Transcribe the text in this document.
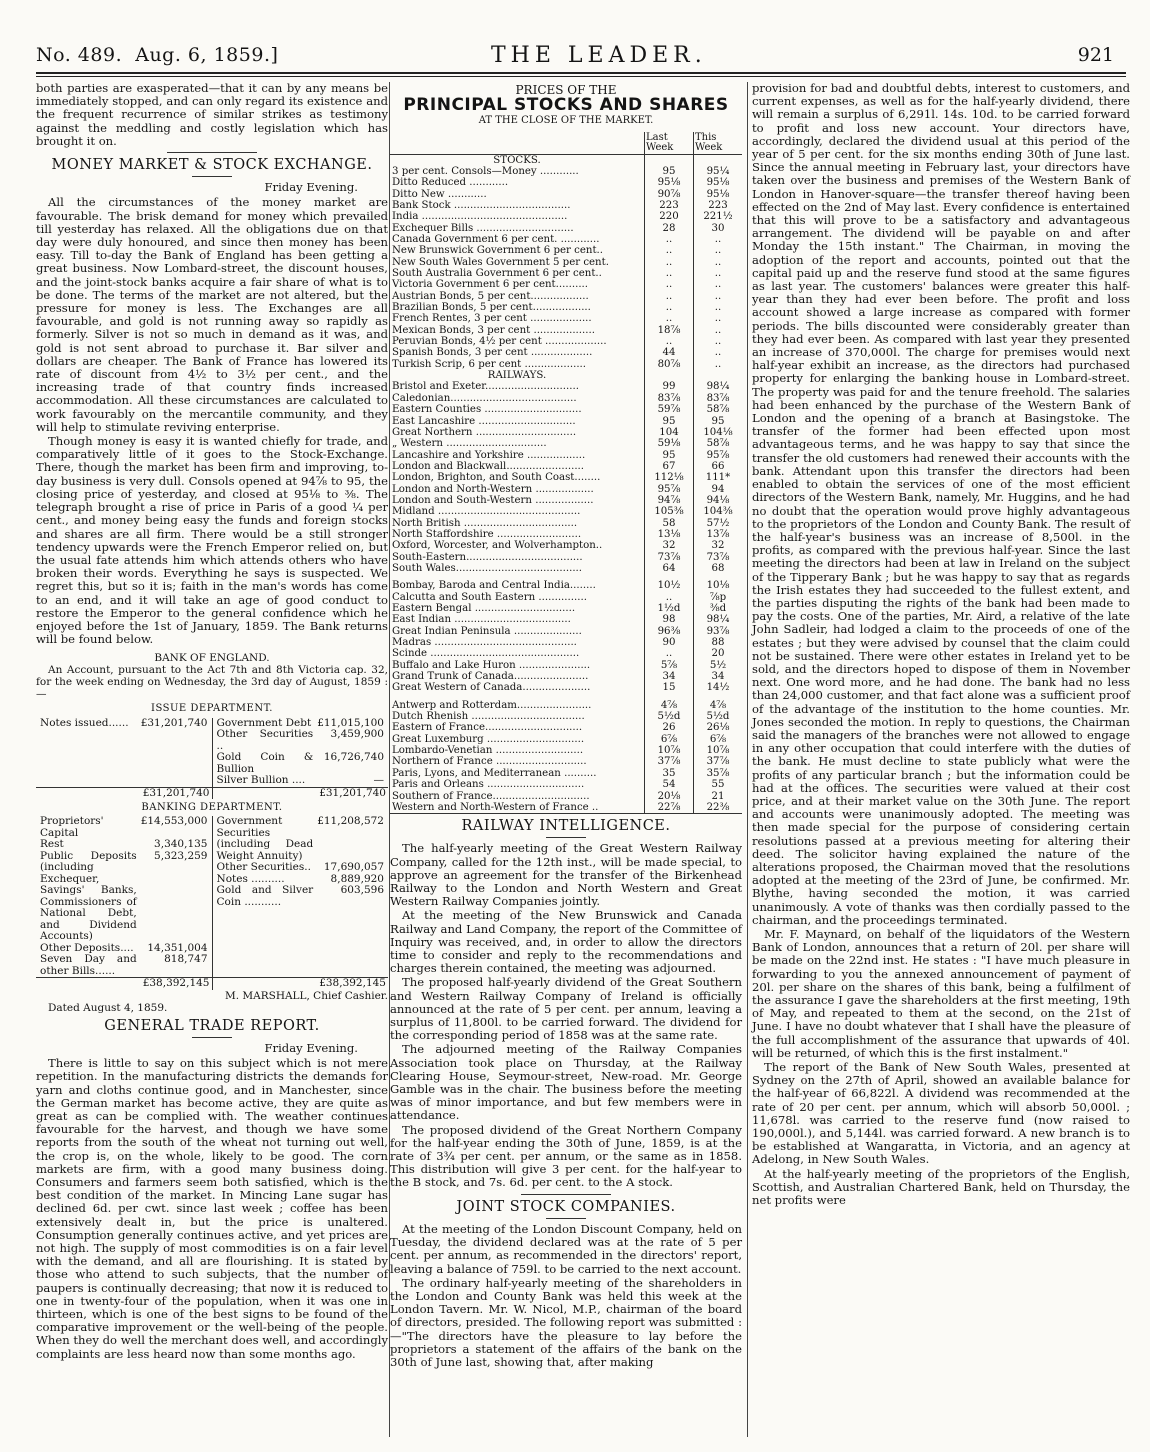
No. 489. Aug. 6, 1859.]	THE LEADER.	921

both parties are exasperated—that it can by any means be immediately stopped, and can only regard its existence and the frequent recurrence of similar strikes as testimony against the meddling and costly legislation which has brought it on.

MONEY MARKET & STOCK EXCHANGE.
Friday Evening.

All the circumstances of the money market are favourable. The brisk demand for money which prevailed till yesterday has relaxed. All the obligations due on that day were duly honoured, and since then money has been easy. Till to-day the Bank of England has been getting a great business. Now Lombard-street, the discount houses, and the joint-stock banks acquire a fair share of what is to be done. The terms of the market are not altered, but the pressure for money is less. The Exchanges are all favourable, and gold is not running away so rapidly as formerly. Silver is not so much in demand as it was, and gold is not sent abroad to purchase it. Bar silver and dollars are cheaper. The Bank of France has lowered its rate of discount from 4½ to 3½ per cent., and the increasing trade of that country finds increased accommodation. All these circumstances are calculated to work favourably on the mercantile community, and they will help to stimulate reviving enterprise.

Though money is easy it is wanted chiefly for trade, and comparatively little of it goes to the Stock-Exchange. There, though the market has been firm and improving, to-day business is very dull. Consols opened at 94⅞ to 95, the closing price of yesterday, and closed at 95⅛ to ⅜. The telegraph brought a rise of price in Paris of a good ¼ per cent., and money being easy the funds and foreign stocks and shares are all firm. There would be a still stronger tendency upwards were the French Emperor relied on, but the usual fate attends him which attends others who have broken their words. Everything he says is suspected. We regret this, but so it is; faith in the man's words has come to an end, and it will take an age of good conduct to restore the Emperor to the general confidence which he enjoyed before the 1st of January, 1859. The Bank returns will be found below.

BANK OF ENGLAND.

An Account, pursuant to the Act 7th and 8th Victoria cap. 32, for the week ending on Wednesday, the 3rd day of August, 1859 :—

ISSUE DEPARTMENT.
Notes issued......	£31,201,740
	Government Debt	£11,015,100
Other Securities ..	3,459,900
Gold Coin & Bullion	16,726,740
Silver Bullion ....	—

£31,201,740	£31,201,740
BANKING DEPARTMENT.
Proprietors' Capital	£14,553,000
Rest	3,340,135
Public Deposits (including Exchequer, Savings' Banks, Commissioners of National Debt, and Dividend Accounts)	5,323,259
Other Deposits....	14,351,004
Seven Day and other Bills......	818,747

Government Securities (including Dead Weight Annuity)	£11,208,572
Other Securities..	17,690,057
Notes ..........	8,889,920
Gold and Silver Coin ...........	603,596

£38,392,145	£38,392,145
M. MARSHALL, Chief Cashier.
Dated August 4, 1859.
GENERAL TRADE REPORT.
Friday Evening.

There is little to say on this subject which is not mere repetition. In the manufacturing districts the demands for yarn and cloths continue good, and in Manchester, since the German market has become active, they are quite as great as can be complied with. The weather continues favourable for the harvest, and though we have some reports from the south of the wheat not turning out well, the crop is, on the whole, likely to be good. The corn markets are firm, with a good many business doing. Consumers and farmers seem both satisfied, which is the best condition of the market. In Mincing Lane sugar has declined 6d. per cwt. since last week ; coffee has been extensively dealt in, but the price is unaltered. Consumption generally continues active, and yet prices are not high. The supply of most commodities is on a fair level with the demand, and all are flourishing. It is stated by those who attend to such subjects, that the number of paupers is continually decreasing; that now it is reduced to one in twenty-four of the population, when it was one in thirteen, which is one of the best signs to be found of the comparative improvement or the well-being of the people. When they do well the merchant does well, and accordingly complaints are less heard now than some months ago.

PRICES OF THE
PRINCIPAL STOCKS AND SHARES
AT THE CLOSE OF THE MARKET.
	Last Week	This Week
STOCKS.		
3 per cent. Consols—Money ............	95	95¼
Ditto Reduced ............	95⅛	95⅛
Ditto New ............	90⅞	95⅛
Bank Stock ....................................	223	223
India .............................................	220	221½
Exchequer Bills ..............................	28	30
Canada Government 6 per cent. ............	..	..
New Brunswick Government 6 per cent..	..	..
New South Wales Government 5 per cent.	..	..
South Australia Government 6 per cent..	..	..
Victoria Government 6 per cent..........	..	..
Austrian Bonds, 5 per cent..................	..	..
Brazilian Bonds, 5 per cent..................	..	..
French Rentes, 3 per cent ...................	..	..
Mexican Bonds, 3 per cent ...................	18⅞	..
Peruvian Bonds, 4½ per cent ...................	..	..
Spanish Bonds, 3 per cent ...................	44	..
Turkish Scrip, 6 per cent ...................	80⅞	..
RAILWAYS.		
Bristol and Exeter.............................	99	98¼
Caledonian.......................................	83⅞	83⅞
Eastern Counties ..............................	59⅞	58⅞
East Lancashire ..............................	95	95
Great Northern ...............................	104	104⅛
„ Western ...............................	59⅛	58⅞
Lancashire and Yorkshire ..................	95	95⅞
London and Blackwall........................	67	66
London, Brighton, and South Coast........	112⅛	111*
London and North-Western ..................	95⅞	94
London and South-Western ..................	94⅞	94⅛
Midland ............................................	105⅜	104⅜
North British ...................................	58	57½
North Staffordshire ..........................	13⅛	13⅞
Oxford, Worcester, and Wolverhampton..	32	32
South-Eastern....................................	73⅞	73⅞
South Wales.......................................	64	68

Bombay, Baroda and Central India........	10½	10⅛
Calcutta and South Eastern ...............	..	⅞p
Eastern Bengal ...............................	1½d	⅜d
East Indian ....................................	98	98¼
Great Indian Peninsula .....................	96⅜	93⅞
Madras ............................................	90	88
Scinde ..............................................	..	20
Buffalo and Lake Huron ......................	5⅞	5½
Grand Trunk of Canada.......................	34	34
Great Western of Canada.....................	15	14½

Antwerp and Rotterdam.......................	4⅞	4⅞
Dutch Rhenish ...................................	5½d	5½d
Eastern of France..............................	26	26⅛
Great Luxemburg ..............................	6⅞	6⅞
Lombardo-Venetian ...........................	10⅞	10⅞
Northern of France ............................	37⅞	37⅞
Paris, Lyons, and Mediterranean ..........	35	35⅞
Paris and Orleans ..............................	54	55
Southern of France..............................	20⅛	21
Western and North-Western of France ..	22⅞	22⅜
RAILWAY INTELLIGENCE.

The half-yearly meeting of the Great Western Railway Company, called for the 12th inst., will be made special, to approve an agreement for the transfer of the Birkenhead Railway to the London and North Western and Great Western Railway Companies jointly.

At the meeting of the New Brunswick and Canada Railway and Land Company, the report of the Committee of Inquiry was received, and, in order to allow the directors time to consider and reply to the recommendations and charges therein contained, the meeting was adjourned.

The proposed half-yearly dividend of the Great Southern and Western Railway Company of Ireland is officially announced at the rate of 5 per cent. per annum, leaving a surplus of 11,800l. to be carried forward. The dividend for the corresponding period of 1858 was at the same rate.

The adjourned meeting of the Railway Companies Association took place on Thursday, at the Railway Clearing House, Seymour-street, New-road. Mr. George Gamble was in the chair. The business before the meeting was of minor importance, and but few members were in attendance.

The proposed dividend of the Great Northern Company for the half-year ending the 30th of June, 1859, is at the rate of 3¾ per cent. per annum, or the same as in 1858. This distribution will give 3 per cent. for the half-year to the B stock, and 7s. 6d. per cent. to the A stock.

JOINT STOCK COMPANIES.

At the meeting of the London Discount Company, held on Tuesday, the dividend declared was at the rate of 5 per cent. per annum, as recommended in the directors' report, leaving a balance of 759l. to be carried to the next account.

The ordinary half-yearly meeting of the shareholders in the London and County Bank was held this week at the London Tavern. Mr. W. Nicol, M.P., chairman of the board of directors, presided. The following report was submitted :—"The directors have the pleasure to lay before the proprietors a statement of the affairs of the bank on the 30th of June last, showing that, after making

provision for bad and doubtful debts, interest to customers, and current expenses, as well as for the half-yearly dividend, there will remain a surplus of 6,291l. 14s. 10d. to be carried forward to profit and loss new account. Your directors have, accordingly, declared the dividend usual at this period of the year of 5 per cent. for the six months ending 30th of June last. Since the annual meeting in February last, your directors have taken over the business and premises of the Western Bank of London in Hanover-square—the transfer thereof having been effected on the 2nd of May last. Every confidence is entertained that this will prove to be a satisfactory and advantageous arrangement. The dividend will be payable on and after Monday the 15th instant." The Chairman, in moving the adoption of the report and accounts, pointed out that the capital paid up and the reserve fund stood at the same figures as last year. The customers' balances were greater this half-year than they had ever been before. The profit and loss account showed a large increase as compared with former periods. The bills discounted were considerably greater than they had ever been. As compared with last year they presented an increase of 370,000l. The charge for premises would next half-year exhibit an increase, as the directors had purchased property for enlarging the banking house in Lombard-street. The property was paid for and the tenure freehold. The salaries had been enhanced by the purchase of the Western Bank of London and the opening of a branch at Basingstoke. The transfer of the former had been effected upon most advantageous terms, and he was happy to say that since the transfer the old customers had renewed their accounts with the bank. Attendant upon this transfer the directors had been enabled to obtain the services of one of the most efficient directors of the Western Bank, namely, Mr. Huggins, and he had no doubt that the operation would prove highly advantageous to the proprietors of the London and County Bank. The result of the half-year's business was an increase of 8,500l. in the profits, as compared with the previous half-year. Since the last meeting the directors had been at law in Ireland on the subject of the Tipperary Bank ; but he was happy to say that as regards the Irish estates they had succeeded to the fullest extent, and the parties disputing the rights of the bank had been made to pay the costs. One of the parties, Mr. Aird, a relative of the late John Sadleir, had lodged a claim to the proceeds of one of the estates ; but they were advised by counsel that the claim could not be sustained. There were other estates in Ireland yet to be sold, and the directors hoped to dispose of them in November next. One word more, and he had done. The bank had no less than 24,000 customer, and that fact alone was a sufficient proof of the advantage of the institution to the home counties. Mr. Jones seconded the motion. In reply to questions, the Chairman said the managers of the branches were not allowed to engage in any other occupation that could interfere with the duties of the bank. He must decline to state publicly what were the profits of any particular branch ; but the information could be had at the offices. The securities were valued at their cost price, and at their market value on the 30th June. The report and accounts were unanimously adopted. The meeting was then made special for the purpose of considering certain resolutions passed at a previous meeting for altering their deed. The solicitor having explained the nature of the alterations proposed, the Chairman moved that the resolutions adopted at the meeting of the 23rd of June, be confirmed. Mr. Blythe, having seconded the motion, it was carried unanimously. A vote of thanks was then cordially passed to the chairman, and the proceedings terminated.

Mr. F. Maynard, on behalf of the liquidators of the Western Bank of London, announces that a return of 20l. per share will be made on the 22nd inst. He states : "I have much pleasure in forwarding to you the annexed announcement of payment of 20l. per share on the shares of this bank, being a fulfilment of the assurance I gave the shareholders at the first meeting, 19th of May, and repeated to them at the second, on the 21st of June. I have no doubt whatever that I shall have the pleasure of the full accomplishment of the assurance that upwards of 40l. will be returned, of which this is the first instalment."

The report of the Bank of New South Wales, presented at Sydney on the 27th of April, showed an available balance for the half-year of 66,822l. A dividend was recommended at the rate of 20 per cent. per annum, which will absorb 50,000l. ; 11,678l. was carried to the reserve fund (now raised to 190,000l.), and 5,144l. was carried forward. A new branch is to be established at Wangaratta, in Victoria, and an agency at Adelong, in New South Wales.

At the half-yearly meeting of the proprietors of the English, Scottish, and Australian Chartered Bank, held on Thursday, the net profits were
